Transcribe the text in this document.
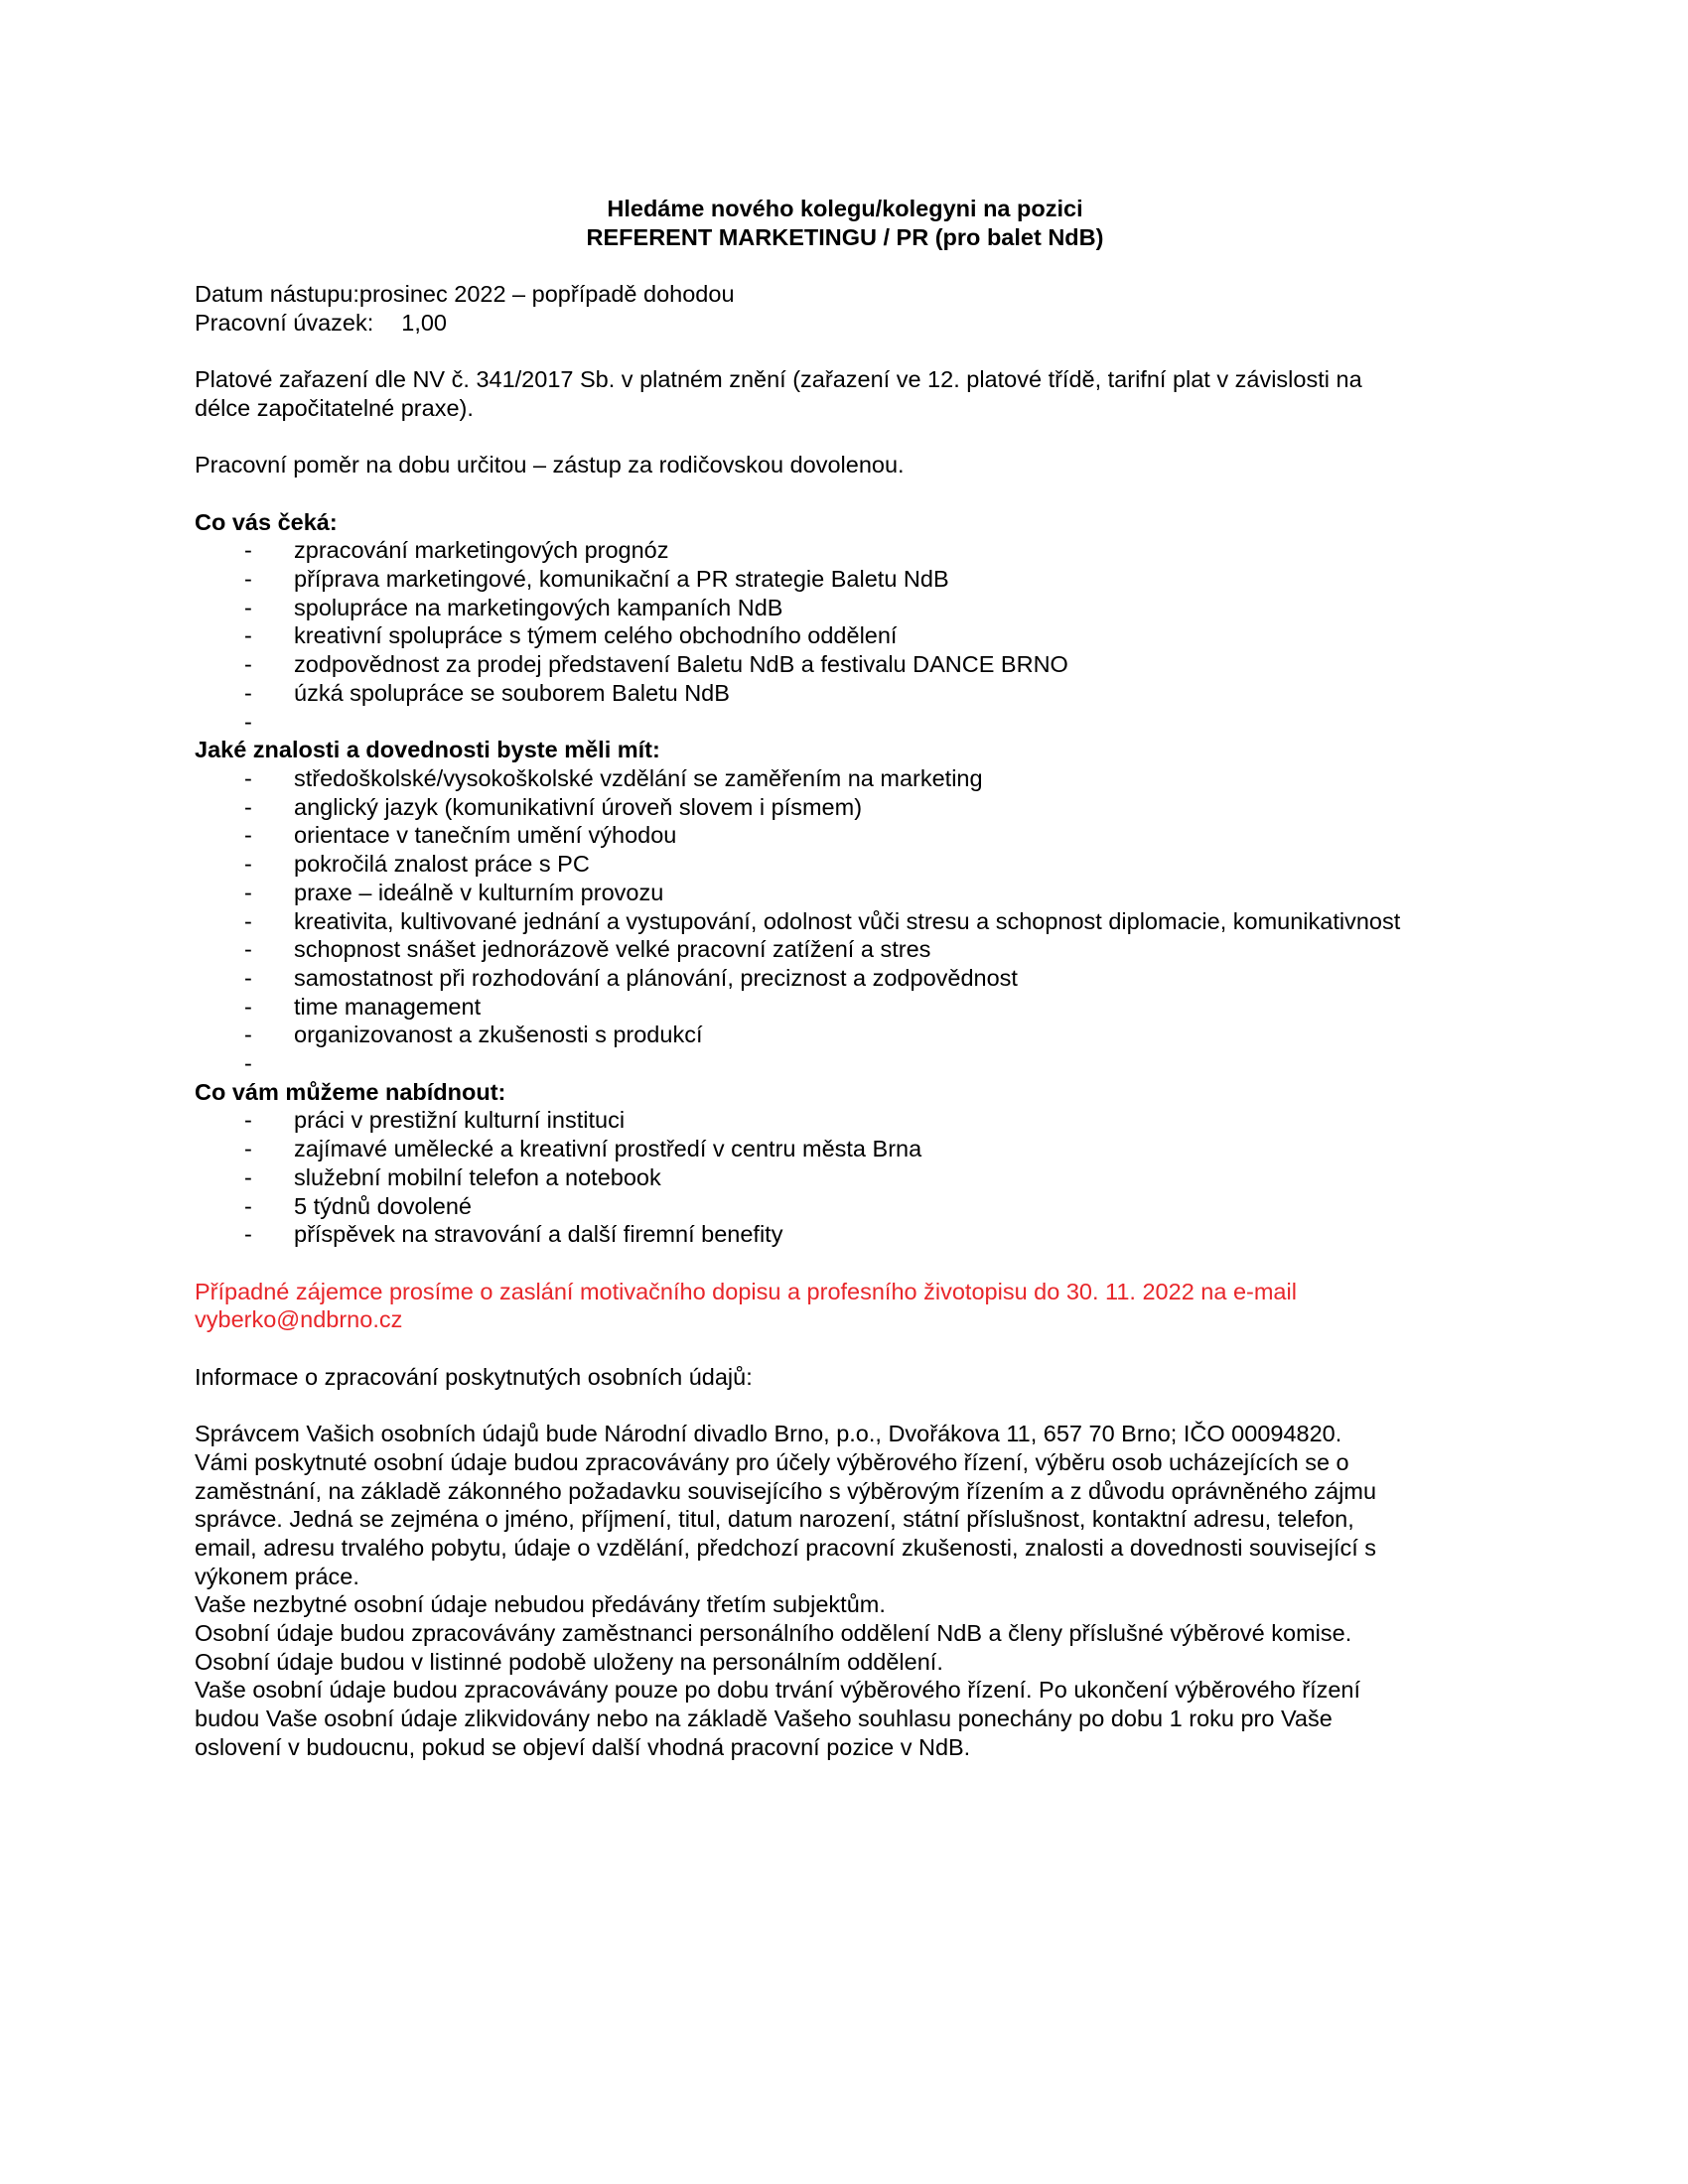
Hledáme nového kolegu/kolegyni na pozici
REFERENT MARKETINGU / PR (pro balet NdB)

Datum nástupu:prosinec 2022 – popřípadě dohodou

Pracovní úvazek: 1,00

Platové zařazení dle NV č. 341/2017 Sb. v platném znění (zařazení ve 12. platové třídě, tarifní plat v závislosti na
délce započitatelné praxe).

Pracovní poměr na dobu určitou – zástup za rodičovskou dovolenou.

Co vás čeká:
- zpracování marketingových prognóz
- příprava marketingové, komunikační a PR strategie Baletu NdB
- spolupráce na marketingových kampaních NdB
- kreativní spolupráce s týmem celého obchodního oddělení
- zodpovědnost za prodej představení Baletu NdB a festivalu DANCE BRNO
- úzká spolupráce se souborem Baletu NdB
-

Jaké znalosti a dovednosti byste měli mít:
- středoškolské/vysokoškolské vzdělání se zaměřením na marketing
- anglický jazyk (komunikativní úroveň slovem i písmem)
- orientace v tanečním umění výhodou
- pokročilá znalost práce s PC
- praxe – ideálně v kulturním provozu
- kreativita, kultivované jednání a vystupování, odolnost vůči stresu a schopnost diplomacie, komunikativnost
- schopnost snášet jednorázově velké pracovní zatížení a stres
- samostatnost při rozhodování a plánování, preciznost a zodpovědnost
- time management
- organizovanost a zkušenosti s produkcí
-

Co vám můžeme nabídnout:
- práci v prestižní kulturní instituci
- zajímavé umělecké a kreativní prostředí v centru města Brna
- služební mobilní telefon a notebook
- 5 týdnů dovolené
- příspěvek na stravování a další firemní benefity

Případné zájemce prosíme o zaslání motivačního dopisu a profesního životopisu do 30. 11. 2022 na e-mail
vyberko@ndbrno.cz

Informace o zpracování poskytnutých osobních údajů:

Správcem Vašich osobních údajů bude Národní divadlo Brno, p.o., Dvořákova 11, 657 70 Brno; IČO 00094820.
Vámi poskytnuté osobní údaje budou zpracovávány pro účely výběrového řízení, výběru osob ucházejících se o
zaměstnání, na základě zákonného požadavku souvisejícího s výběrovým řízením a z důvodu oprávněného zájmu
správce. Jedná se zejména o jméno, příjmení, titul, datum narození, státní příslušnost, kontaktní adresu, telefon,
email, adresu trvalého pobytu, údaje o vzdělání, předchozí pracovní zkušenosti, znalosti a dovednosti související s
výkonem práce.
Vaše nezbytné osobní údaje nebudou předávány třetím subjektům.
Osobní údaje budou zpracovávány zaměstnanci personálního oddělení NdB a členy příslušné výběrové komise.
Osobní údaje budou v listinné podobě uloženy na personálním oddělení.
Vaše osobní údaje budou zpracovávány pouze po dobu trvání výběrového řízení. Po ukončení výběrového řízení
budou Vaše osobní údaje zlikvidovány nebo na základě Vašeho souhlasu ponechány po dobu 1 roku pro Vaše
oslovení v budoucnu, pokud se objeví další vhodná pracovní pozice v NdB.
